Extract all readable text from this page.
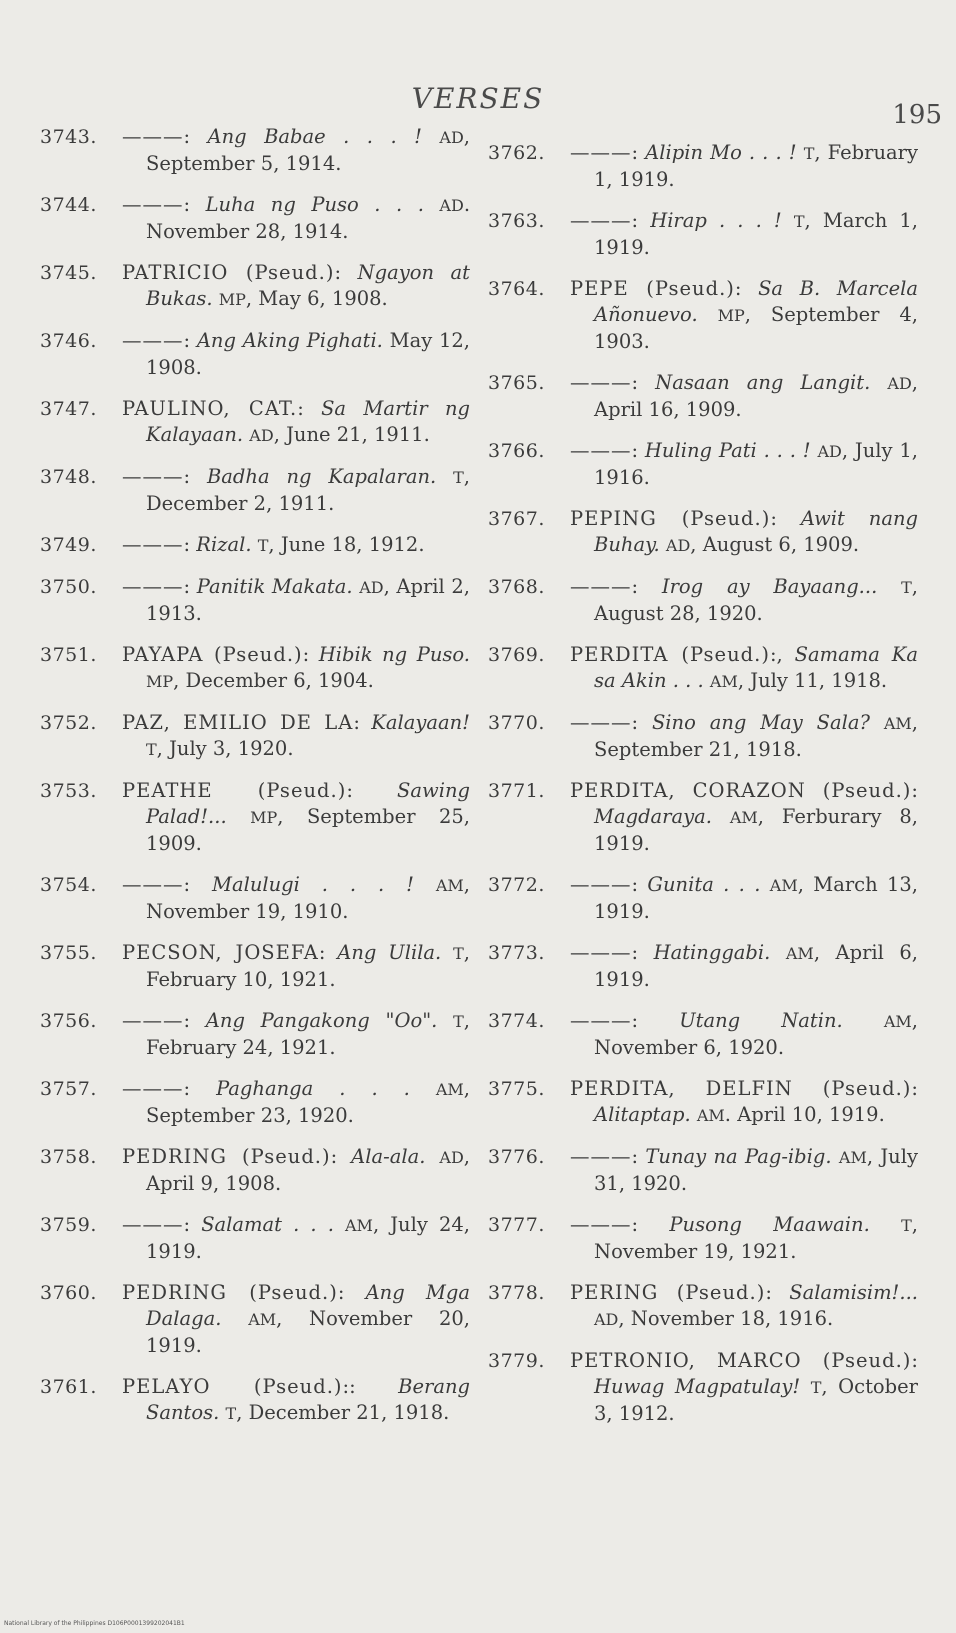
VERSES	195
3743. ———: Ang Babae . . . ! AD, September 5, 1914.
3744. ———: Luha ng Puso . . . AD. November 28, 1914.
3745. PATRICIO (Pseud.): Ngayon at Bukas. MP, May 6, 1908.
3746. ———: Ang Aking Pighati. May 12, 1908.
3747. PAULINO, CAT.: Sa Martir ng Kalayaan. AD, June 21, 1911.
3748. ———: Badha ng Kapalaran. T, December 2, 1911.
3749. ———: Rizal. T, June 18, 1912.
3750. ———: Panitik Makata. AD, April 2, 1913.
3751. PAYAPA (Pseud.): Hibik ng Puso. MP, December 6, 1904.
3752. PAZ, EMILIO DE LA: Kalayaan! T, July 3, 1920.
3753. PEATHE (Pseud.): Sawing Palad!... MP, September 25, 1909.
3754. ———: Malulugi . . . ! AM, November 19, 1910.
3755. PECSON, JOSEFA: Ang Ulila. T, February 10, 1921.
3756. ———: Ang Pangakong "Oo". T, February 24, 1921.
3757. ———: Paghanga . . . AM, September 23, 1920.
3758. PEDRING (Pseud.): Ala-ala. AD, April 9, 1908.
3759. ———: Salamat . . . AM, July 24, 1919.
3760. PEDRING (Pseud.): Ang Mga Dalaga. AM, November 20, 1919.
3761. PELAYO (Pseud.):: Berang Santos. T, December 21, 1918.
3762. ———: Alipin Mo . . . ! T, February 1, 1919.
3763. ———: Hirap . . . ! T, March 1, 1919.
3764. PEPE (Pseud.): Sa B. Marcela Añonuevo. MP, September 4, 1903.
3765. ———: Nasaan ang Langit. AD, April 16, 1909.
3766. ———: Huling Pati . . . ! AD, July 1, 1916.
3767. PEPING (Pseud.): Awit nang Buhay. AD, August 6, 1909.
3768. ———: Irog ay Bayaang... T, August 28, 1920.
3769. PERDITA (Pseud.):, Samama Ka sa Akin . . . AM, July 11, 1918.
3770. ———: Sino ang May Sala? AM, September 21, 1918.
3771. PERDITA, CORAZON (Pseud.): Magdaraya. AM, Ferburary 8, 1919.
3772. ———: Gunita . . . AM, March 13, 1919.
3773. ———: Hatinggabi. AM, April 6, 1919.
3774. ———: Utang Natin.	AM, November 6, 1920.
3775. PERDITA, DELFIN (Pseud.): Alitaptap. AM. April 10, 1919.
3776. ———: Tunay na Pag-ibig. AM, July 31, 1920.
3777. ———: Pusong Maawain. T, November 19, 1921.
3778. PERING (Pseud.): Salamisim!... AD, November 18, 1916.
3779. PETRONIO, MARCO (Pseud.): Huwag Magpatulay! T, October 3, 1912.
National Library of the Philippines D106P0001399202041B1
